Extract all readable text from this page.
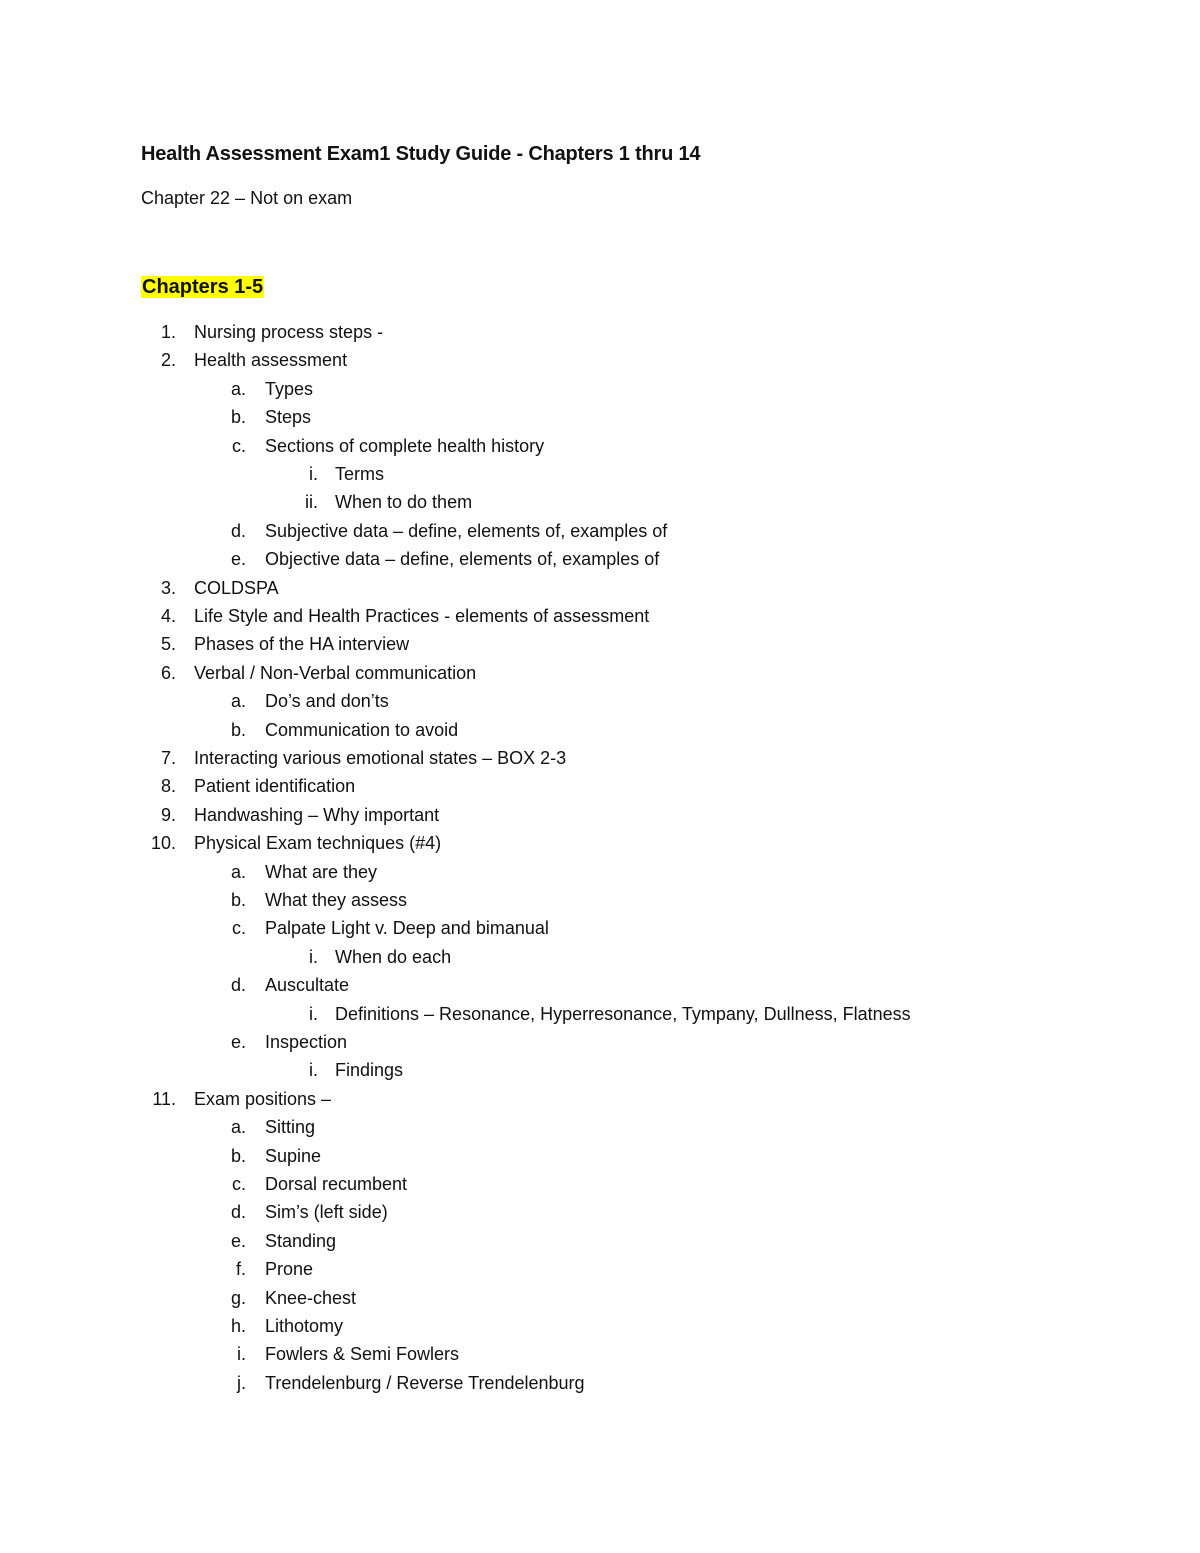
Health Assessment Exam1 Study Guide - Chapters 1 thru 14
Chapter 22 – Not on exam
Chapters 1-5
1. Nursing process steps -
2. Health assessment
a. Types
b. Steps
c. Sections of complete health history
i. Terms
ii. When to do them
d. Subjective data – define, elements of, examples of
e. Objective data – define, elements of, examples of
3. COLDSPA
4. Life Style and Health Practices - elements of assessment
5. Phases of the HA interview
6. Verbal / Non-Verbal communication
a. Do’s and don’ts
b. Communication to avoid
7. Interacting various emotional states – BOX 2-3
8. Patient identification
9. Handwashing – Why important
10. Physical Exam techniques (#4)
a. What are they
b. What they assess
c. Palpate Light v. Deep and bimanual
i. When do each
d. Auscultate
i. Definitions – Resonance, Hyperresonance, Tympany, Dullness, Flatness
e. Inspection
i. Findings
11. Exam positions –
a. Sitting
b. Supine
c. Dorsal recumbent
d. Sim’s (left side)
e. Standing
f. Prone
g. Knee-chest
h. Lithotomy
i. Fowlers & Semi Fowlers
j. Trendelenburg / Reverse Trendelenburg
